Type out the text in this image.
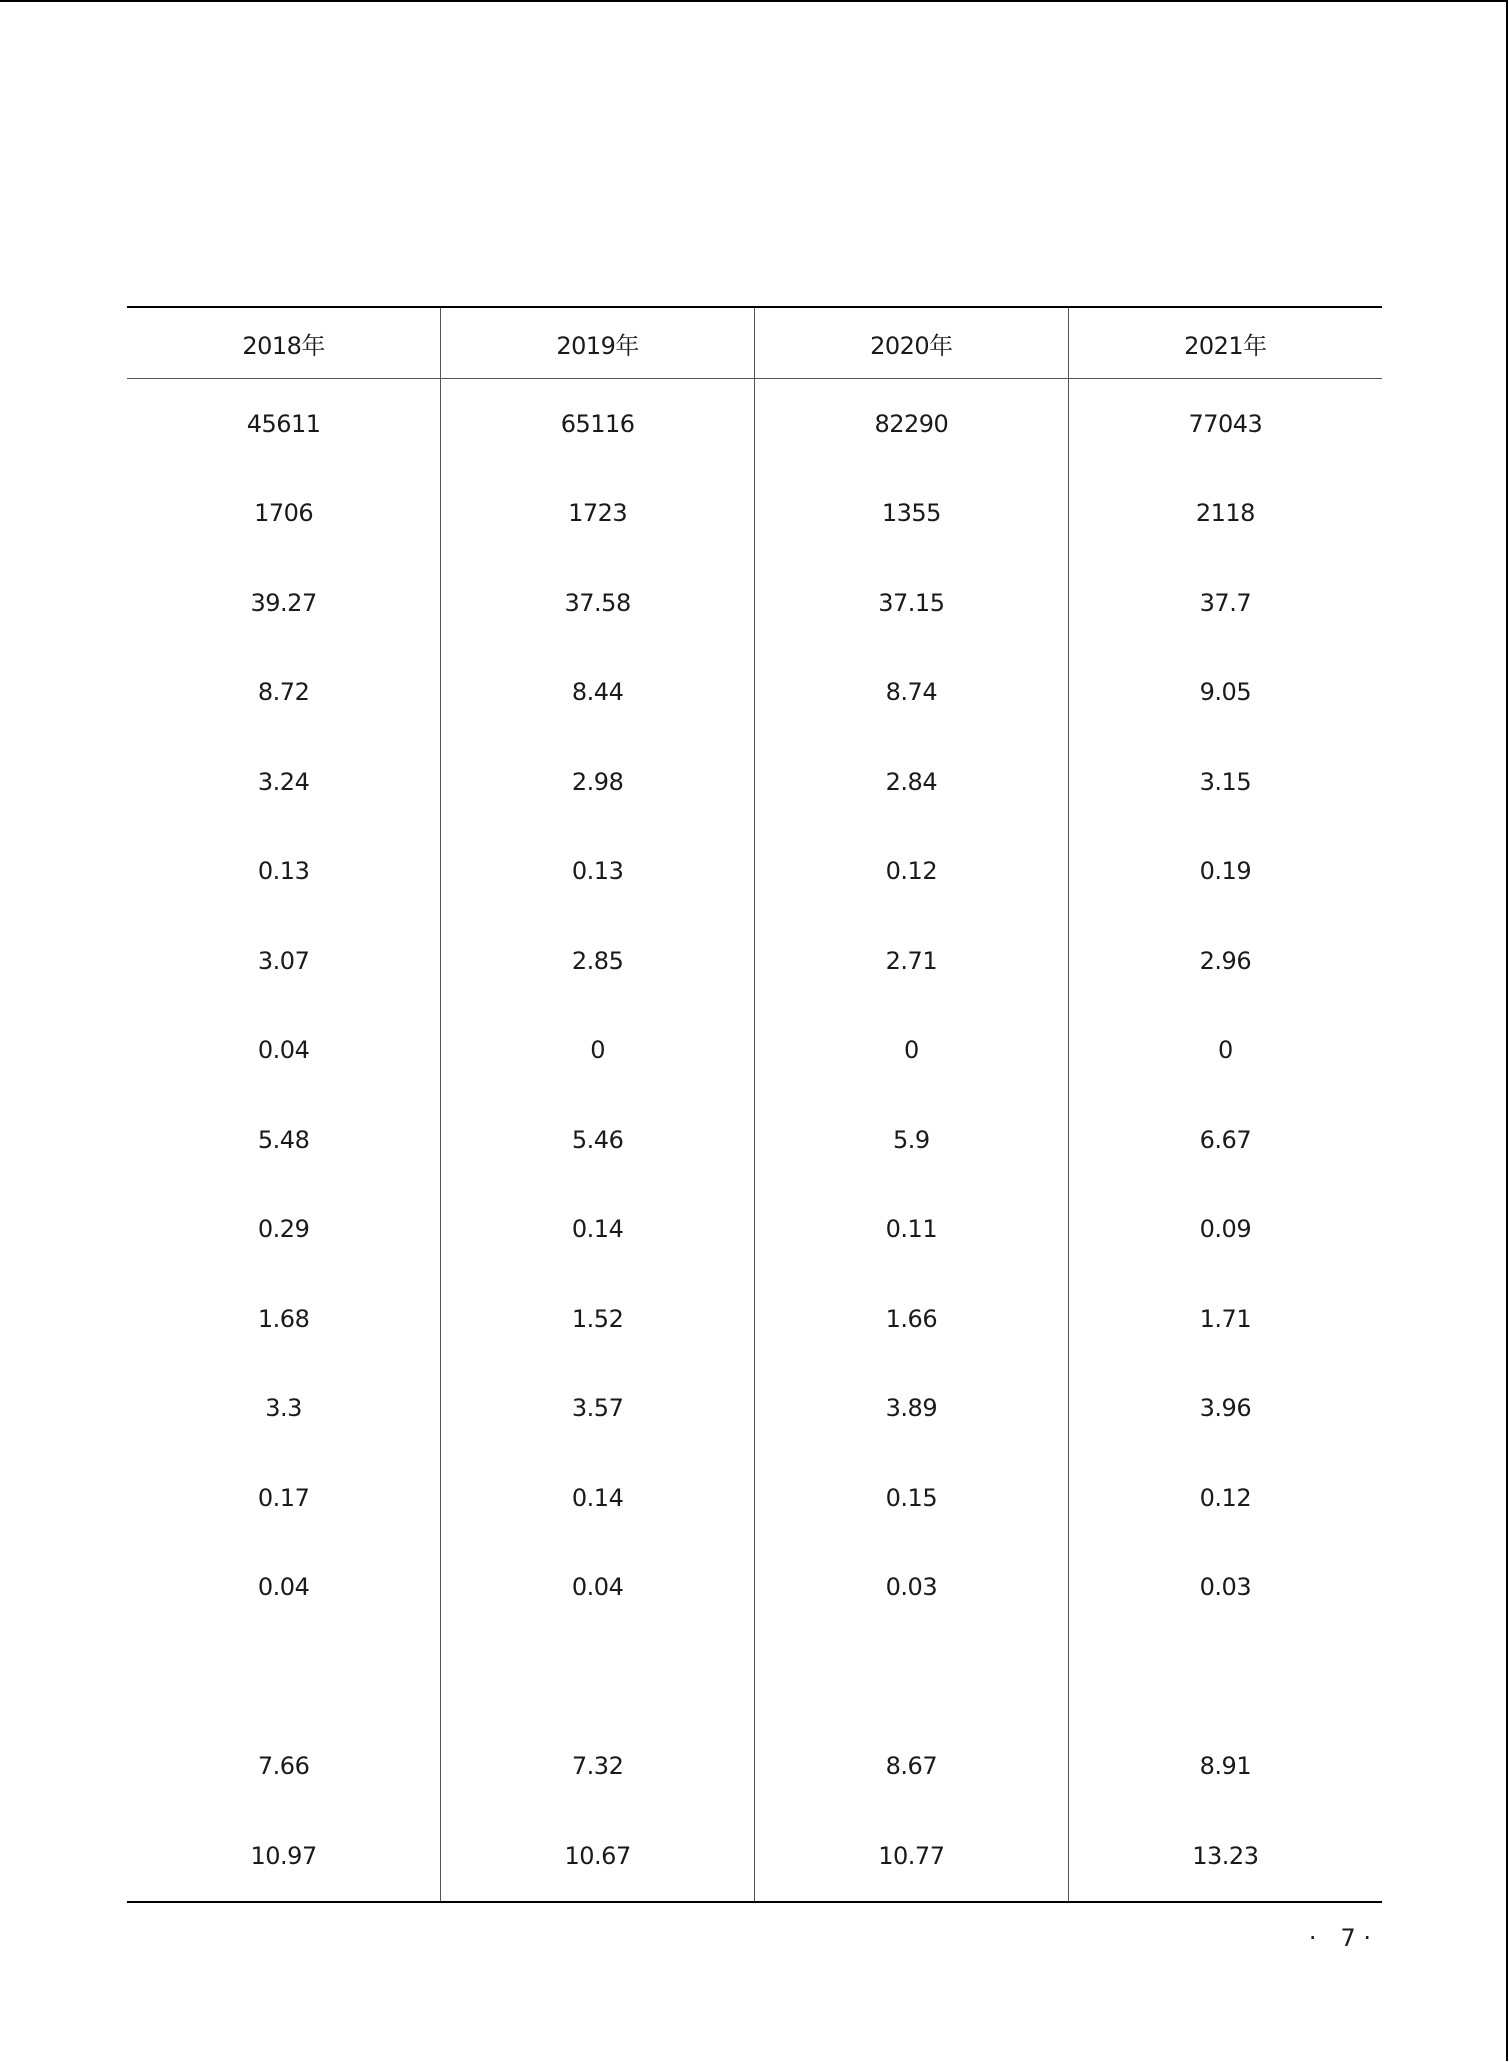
2018年	2019年	2020年	2021年
45611	65116	82290	77043
1706	1723	1355	2118
39.27	37.58	37.15	37.7
8.72	8.44	8.74	9.05
3.24	2.98	2.84	3.15
0.13	0.13	0.12	0.19
3.07	2.85	2.71	2.96
0.04	0	0	0
5.48	5.46	5.9	6.67
0.29	0.14	0.11	0.09
1.68	1.52	1.66	1.71
3.3	3.57	3.89	3.96
0.17	0.14	0.15	0.12
0.04	0.04	0.03	0.03

7.66	7.32	8.67	8.91
10.97	10.67	10.77	13.23
·　7 ·
